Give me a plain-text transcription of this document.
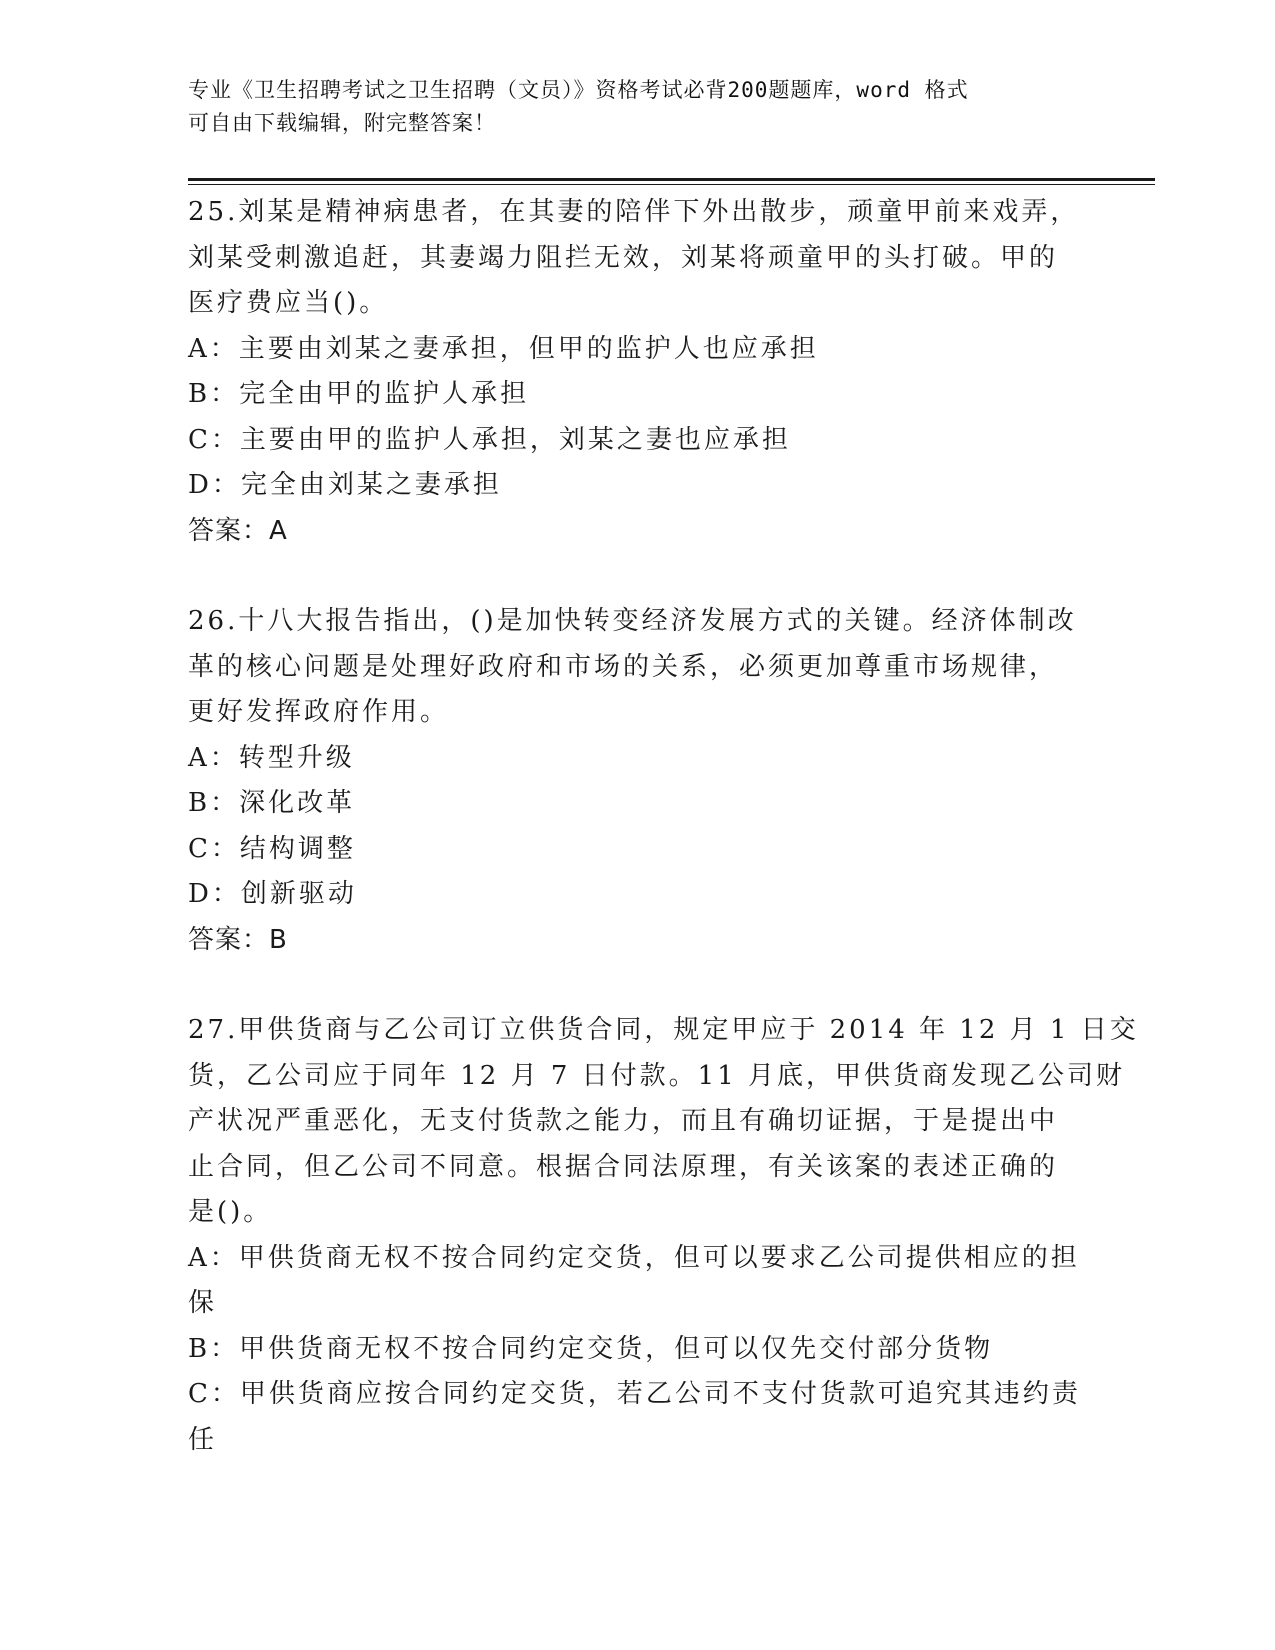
专业《卫生招聘考试之卫生招聘（文员）》资格考试必背200题题库，word 格式
可自由下载编辑，附完整答案！
25.刘某是精神病患者，在其妻的陪伴下外出散步，顽童甲前来戏弄，
刘某受刺激追赶，其妻竭力阻拦无效，刘某将顽童甲的头打破。甲的
医疗费应当()。
A：主要由刘某之妻承担，但甲的监护人也应承担
B：完全由甲的监护人承担
C：主要由甲的监护人承担，刘某之妻也应承担
D：完全由刘某之妻承担
答案：A
26.十八大报告指出，()是加快转变经济发展方式的关键。经济体制改
革的核心问题是处理好政府和市场的关系，必须更加尊重市场规律，
更好发挥政府作用。
A：转型升级
B：深化改革
C：结构调整
D：创新驱动
答案：B
27.甲供货商与乙公司订立供货合同，规定甲应于 2014 年 12 月 1 日交
货，乙公司应于同年 12 月 7 日付款。11 月底，甲供货商发现乙公司财
产状况严重恶化，无支付货款之能力，而且有确切证据，于是提出中
止合同，但乙公司不同意。根据合同法原理，有关该案的表述正确的
是()。
A：甲供货商无权不按合同约定交货，但可以要求乙公司提供相应的担
保
B：甲供货商无权不按合同约定交货，但可以仅先交付部分货物
C：甲供货商应按合同约定交货，若乙公司不支付货款可追究其违约责
任
